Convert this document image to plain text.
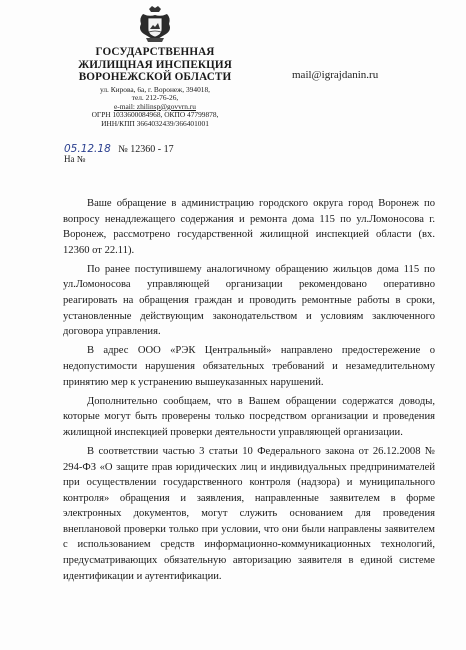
ГОСУДАРСТВЕННАЯ
ЖИЛИЩНАЯ ИНСПЕКЦИЯ
ВОРОНЕЖСКОЙ ОБЛАСТИ
ул. Кирова, 6а, г. Воронеж, 394018,
тел. 212-76-26,
e-mail: zhilinsp@govvrn.ru
ОГРН 1033600084968, ОКПО 47799878,
ИНН/КПП 3664032439/366401001
mail@igrajdanin.ru
05.12.18 № 12360 - 17
На №

Ваше обращение в администрацию городского округа город Воронеж по вопросу ненадлежащего содержания и ремонта дома 115 по ул.Ломоносова г. Воронеж, рассмотрено государственной жилищной инспекцией области (вх. 12360 от 22.11).

По ранее поступившему аналогичному обращению жильцов дома 115 по ул.Ломоносова управляющей организации рекомендовано оперативно реагировать на обращения граждан и проводить ремонтные работы в сроки, установленные действующим законодательством и условиям заключенного договора управления.

В адрес ООО «РЭК Центральный» направлено предостережение о недопустимости нарушения обязательных требований и незамедлительному принятию мер к устранению вышеуказанных нарушений.

Дополнительно сообщаем, что в Вашем обращении содержатся доводы, которые могут быть проверены только посредством организации и проведения жилищной инспекцией проверки деятельности управляющей организации.

В соответствии частью 3 статьи 10 Федерального закона от 26.12.2008 № 294-ФЗ «О защите прав юридических лиц и индивидуальных предпринимателей при осуществлении государственного контроля (надзора) и муниципального контроля» обращения и заявления, направленные заявителем в форме электронных документов, могут служить основанием для проведения внеплановой проверки только при условии, что они были направлены заявителем с использованием средств информационно-коммуникационных технологий, предусматривающих обязательную авторизацию заявителя в единой системе идентификации и аутентификации.
